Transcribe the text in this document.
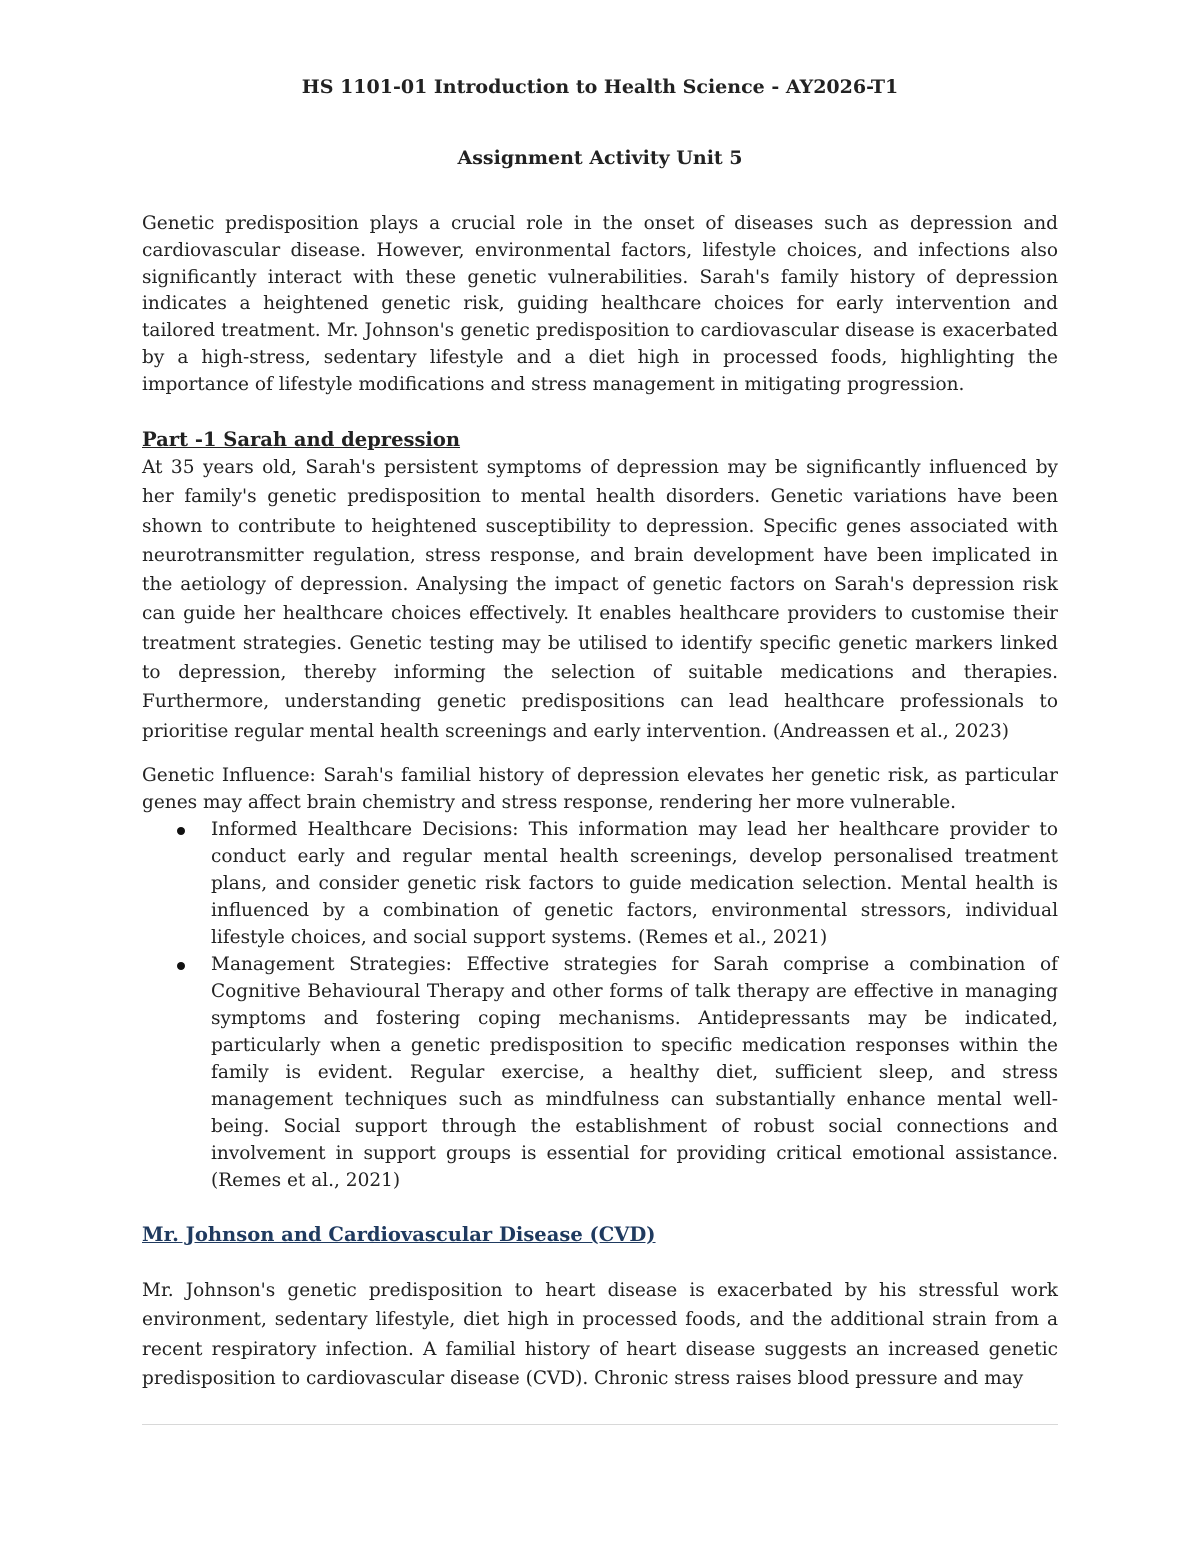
HS 1101-01 Introduction to Health Science - AY2026-T1
Assignment Activity Unit 5

Genetic predisposition plays a crucial role in the onset of diseases such as depression and cardiovascular disease. However, environmental factors, lifestyle choices, and infections also significantly interact with these genetic vulnerabilities. Sarah's family history of depression indicates a heightened genetic risk, guiding healthcare choices for early intervention and tailored treatment. Mr. Johnson's genetic predisposition to cardiovascular disease is exacerbated by a high-stress, sedentary lifestyle and a diet high in processed foods, highlighting the importance of lifestyle modifications and stress management in mitigating progression.

Part -1 Sarah and depression

At 35 years old, Sarah's persistent symptoms of depression may be significantly influenced by her family's genetic predisposition to mental health disorders. Genetic variations have been shown to contribute to heightened susceptibility to depression. Specific genes associated with neurotransmitter regulation, stress response, and brain development have been implicated in the aetiology of depression. Analysing the impact of genetic factors on Sarah's depression risk can guide her healthcare choices effectively. It enables healthcare providers to customise their treatment strategies. Genetic testing may be utilised to identify specific genetic markers linked to depression, thereby informing the selection of suitable medications and therapies. Furthermore, understanding genetic predispositions can lead healthcare professionals to prioritise regular mental health screenings and early intervention. (Andreassen et al., 2023)

Genetic Influence: Sarah's familial history of depression elevates her genetic risk, as particular genes may affect brain chemistry and stress response, rendering her more vulnerable.

Informed Healthcare Decisions: This information may lead her healthcare provider to conduct early and regular mental health screenings, develop personalised treatment plans, and consider genetic risk factors to guide medication selection. Mental health is influenced by a combination of genetic factors, environmental stressors, individual lifestyle choices, and social support systems. (Remes et al., 2021)
Management Strategies: Effective strategies for Sarah comprise a combination of Cognitive Behavioural Therapy and other forms of talk therapy are effective in managing symptoms and fostering coping mechanisms. Antidepressants may be indicated, particularly when a genetic predisposition to specific medication responses within the family is evident. Regular exercise, a healthy diet, sufficient sleep, and stress management techniques such as mindfulness can substantially enhance mental well-being. Social support through the establishment of robust social connections and involvement in support groups is essential for providing critical emotional assistance. (Remes et al., 2021)
Mr. Johnson and Cardiovascular Disease (CVD)

Mr. Johnson's genetic predisposition to heart disease is exacerbated by his stressful work environment, sedentary lifestyle, diet high in processed foods, and the additional strain from a recent respiratory infection. A familial history of heart disease suggests an increased genetic predisposition to cardiovascular disease (CVD). Chronic stress raises blood pressure and may
